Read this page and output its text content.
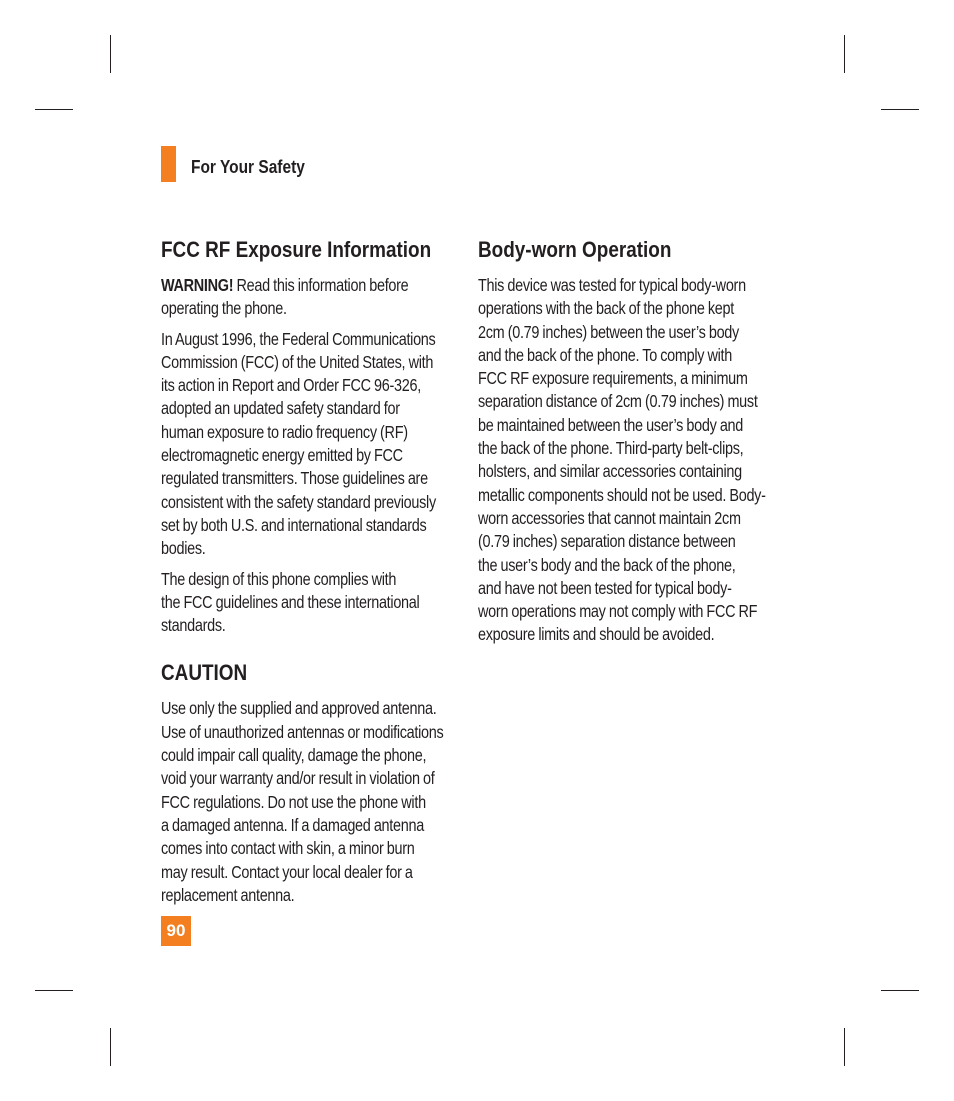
For Your Safety
FCC RF Exposure Information
WARNING! Read this information before
operating the phone.
In August 1996, the Federal Communications
Commission (FCC) of the United States, with
its action in Report and Order FCC 96-326,
adopted an updated safety standard for
human exposure to radio frequency (RF)
electromagnetic energy emitted by FCC
regulated transmitters. Those guidelines are
consistent with the safety standard previously
set by both U.S. and international standards
bodies.
The design of this phone complies with
the FCC guidelines and these international
standards.
CAUTION
Use only the supplied and approved antenna.
Use of unauthorized antennas or modifications
could impair call quality, damage the phone,
void your warranty and/or result in violation of
FCC regulations. Do not use the phone with
a damaged antenna. If a damaged antenna
comes into contact with skin, a minor burn
may result. Contact your local dealer for a
replacement antenna.
Body-worn Operation
This device was tested for typical body-worn
operations with the back of the phone kept
2cm (0.79 inches) between the user’s body
and the back of the phone. To comply with
FCC RF exposure requirements, a minimum
separation distance of 2cm (0.79 inches) must
be maintained between the user’s body and
the back of the phone. Third-party belt-clips,
holsters, and similar accessories containing
metallic components should not be used. Body-
worn accessories that cannot maintain 2cm
(0.79 inches) separation distance between
the user’s body and the back of the phone,
and have not been tested for typical body-
worn operations may not comply with FCC RF
exposure limits and should be avoided.
90
